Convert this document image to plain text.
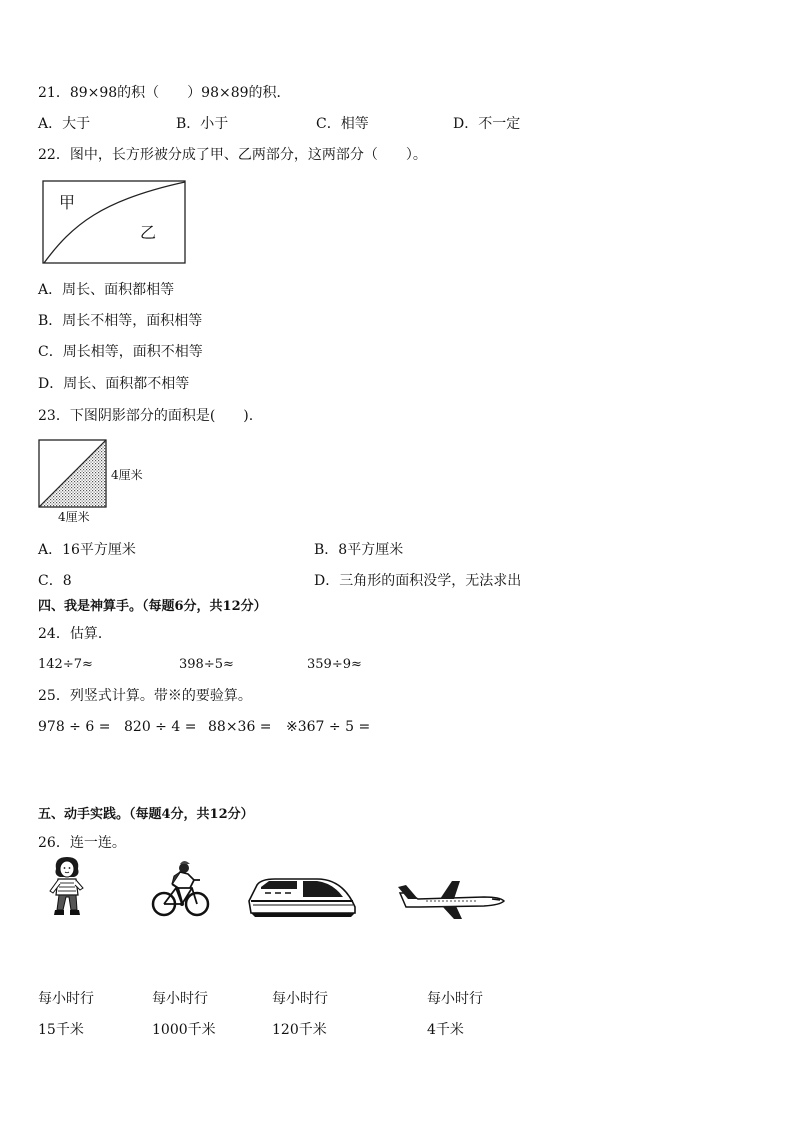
21．89×98的积（　　）98×89的积．
A．大于	B．小于	C．相等	D．不一定
22．图中，长方形被分成了甲、乙两部分，这两部分（　　）。
甲
乙
A．周长、面积都相等
B．周长不相等，面积相等
C．周长相等，面积不相等
D．周长、面积都不相等
23．下图阴影部分的面积是(　　).
4厘米
4厘米
A．16平方厘米	B．8平方厘米
C．8	D．三角形的面积没学，无法求出
四、我是神算手。（每题6分，共12分）
24．估算．
142÷7≈	398÷5≈	359÷9≈
25．列竖式计算。带※的要验算。
978 ÷ 6 = 820 ÷ 4 = 88×36 = ※367 ÷ 5 =
五、动手实践。（每题4分，共12分）
26．连一连。
每小时行	每小时行	每小时行	每小时行
15千米	1000千米	120千米	4千米
